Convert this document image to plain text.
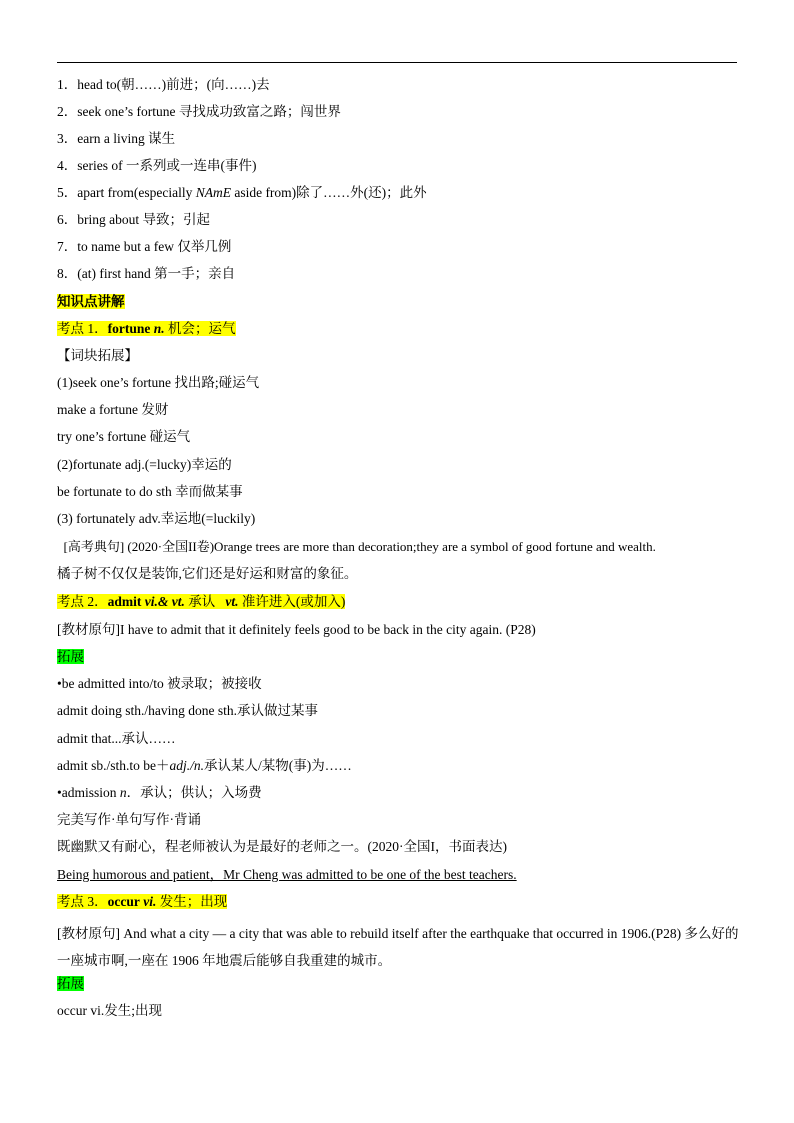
1．head to(朝……)前进；(向……)去
2．seek one’s fortune 寻找成功致富之路；闯世界
3．earn a living 谋生
4．series of 一系列或一连串(事件)
5．apart from(especially NAmE aside from)除了……外(还)；此外
6．bring about 导致；引起
7．to name but a few 仅举几例
8．(at) first hand 第一手；亲自
知识点讲解
考点 1．fortune n. 机会；运气
【词块拓展】
(1)seek one’s fortune 找出路;碰运气
make a fortune 发财
try one’s fortune 碰运气
(2)fortunate adj.(=lucky)幸运的
be fortunate to do sth 幸而做某事
(3) fortunately adv.幸运地(=luckily)
[高考典句] (2020·全国II卷)Orange trees are more than decoration;they are a symbol of good fortune and wealth.
橘子树不仅仅是装饰,它们还是好运和财富的象征。
考点 2．admit vi.& vt. 承认   vt. 准许进入(或加入)
[教材原句]I have to admit that it definitely feels good to be back in the city again. (P28)
拓展
•be admitted into/to 被录取；被接收
admit doing sth./having done sth.承认做过某事
admit that...承认……
admit sb./sth.to be＋adj./n.承认某人/某物(事)为……
•admission n．承认；供认；入场费
完美写作·单句写作·背诵
既幽默又有耐心，程老师被认为是最好的老师之一。(2020·全国I，书面表达)
Being humorous and patient，Mr Cheng was admitted to be one of the best teachers.
考点 3．occur vi. 发生；出现
[教材原句] And what a city — a city that was able to rebuild itself after the earthquake that occurred in 1906.(P28) 多么好的一座城市啊,一座在 1906 年地震后能够自我重建的城市。
拓展
occur vi.发生;出现
